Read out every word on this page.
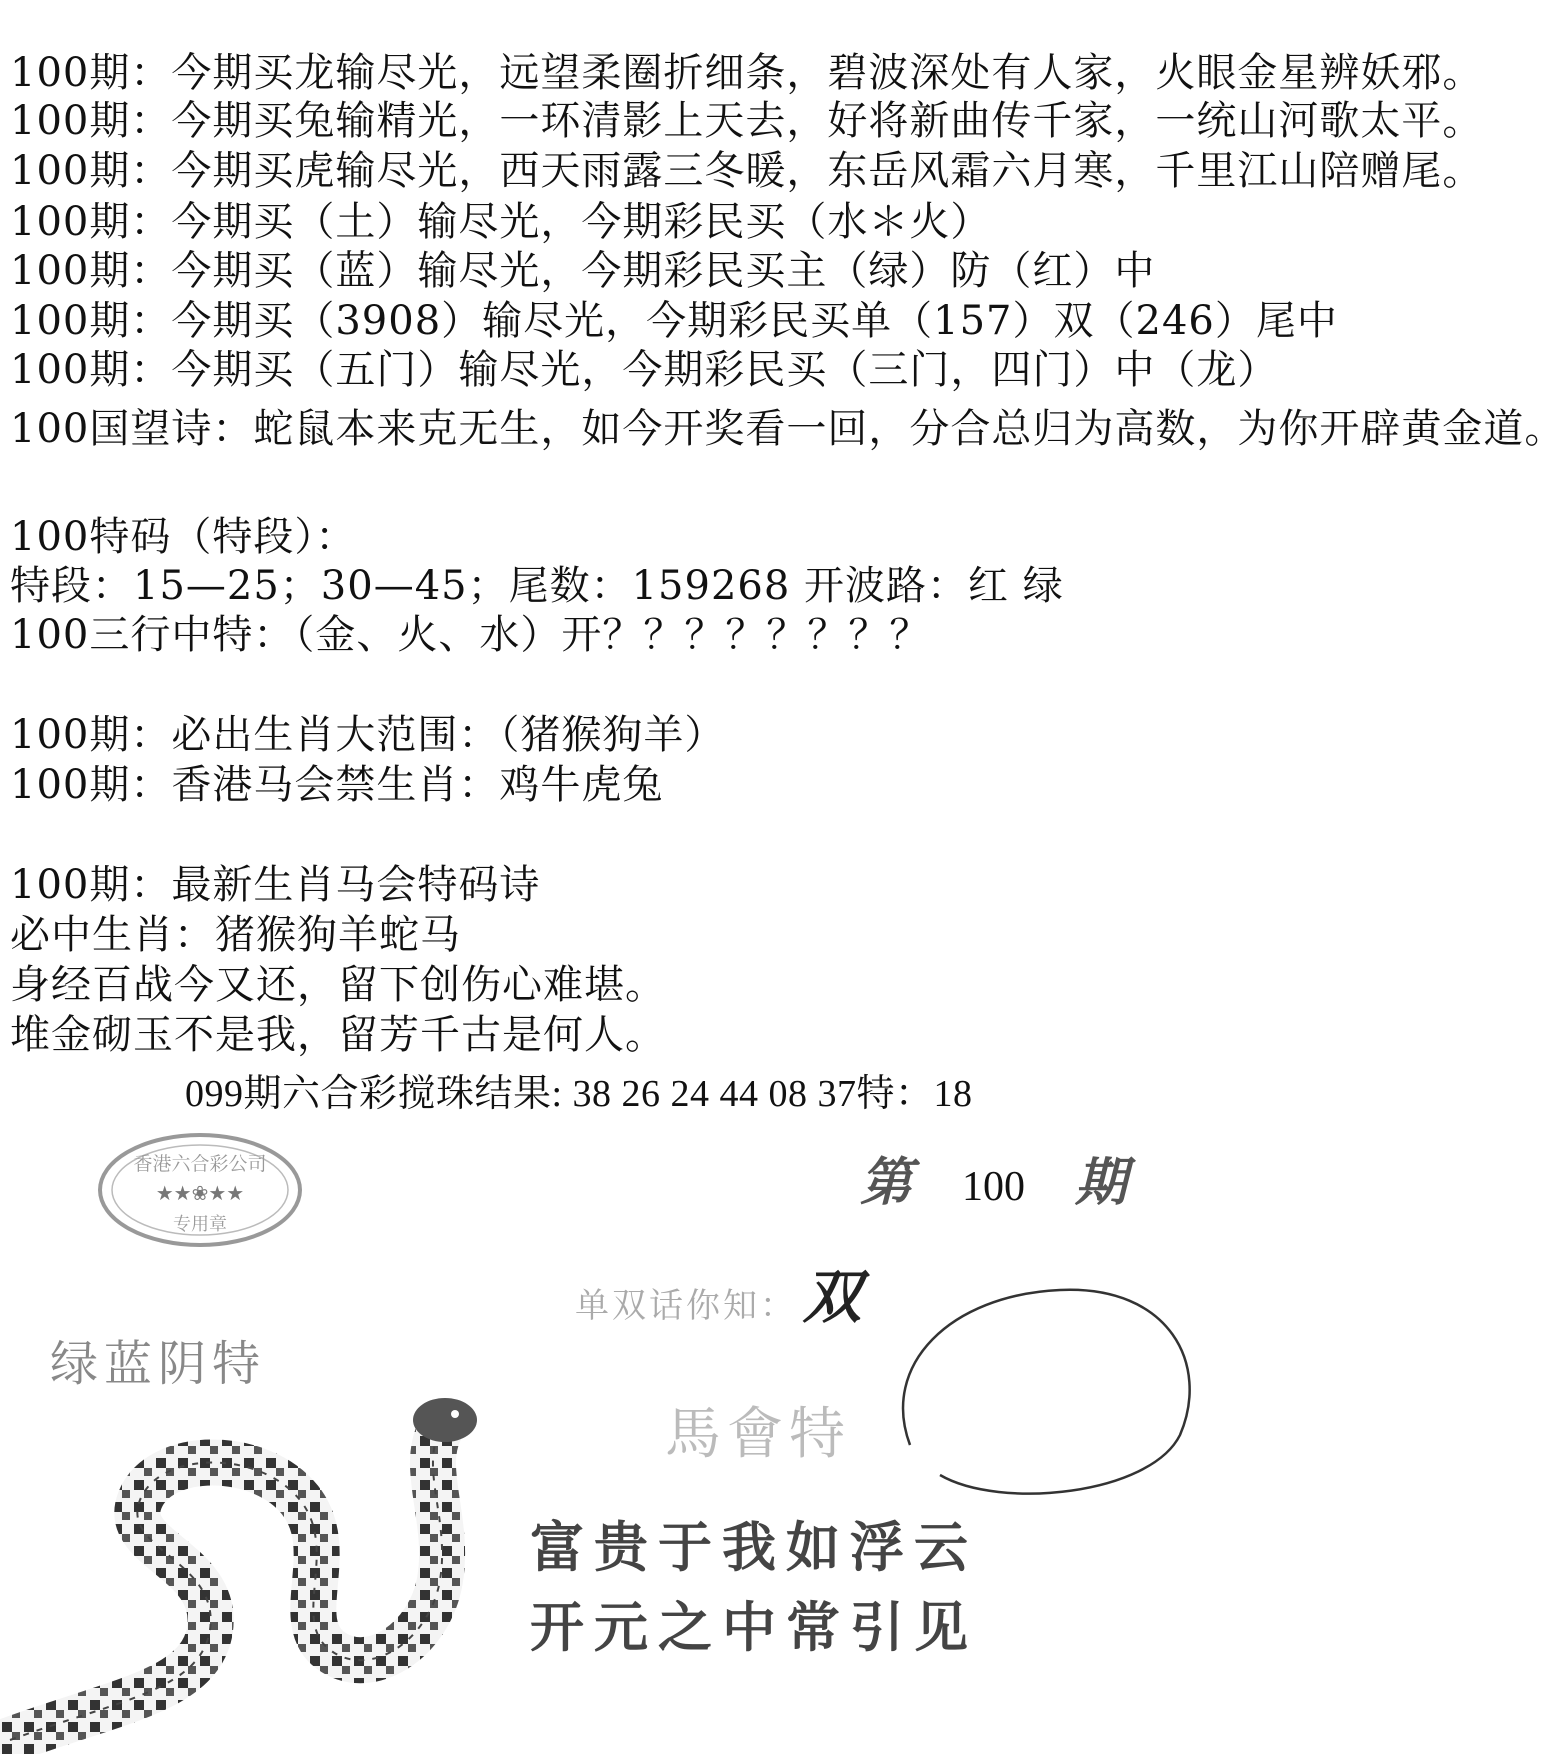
100期：今期买龙输尽光，远望柔圈折细条，碧波深处有人家，火眼金星辨妖邪。
100期：今期买兔输精光，一环清影上天去，好将新曲传千家，一统山河歌太平。
100期：今期买虎输尽光，西天雨露三冬暖，东岳风霜六月寒，千里江山陪赠尾。
100期：今期买（土）输尽光，今期彩民买（水＊火）
100期：今期买（蓝）输尽光，今期彩民买主（绿）防（红）中
100期：今期买（3908）输尽光，今期彩民买单（157）双（246）尾中
100期：今期买（五门）输尽光，今期彩民买（三门，四门）中（龙）
100国望诗：蛇鼠本来克无生，如今开奖看一回，分合总归为高数，为你开辟黄金道。
100特码（特段）：
特段：15—25；30—45；尾数：159268 开波路：红 绿
100三行中特：（金、火、水）开？？？？？？？？
100期：必出生肖大范围：（猪猴狗羊）
100期：香港马会禁生肖：鸡牛虎兔
100期：最新生肖马会特码诗
必中生肖：猪猴狗羊蛇马
身经百战今又还，留下创伤心难堪。
堆金砌玉不是我，留芳千古是何人。
099期六合彩搅珠结果: 38 26 24 44 08 37特：18
香港六合彩公司
★★❀★★
专用章
第 100 期
单双话你知： 双
绿蓝阴特
馬會特
富贵于我如浮云
开元之中常引见
